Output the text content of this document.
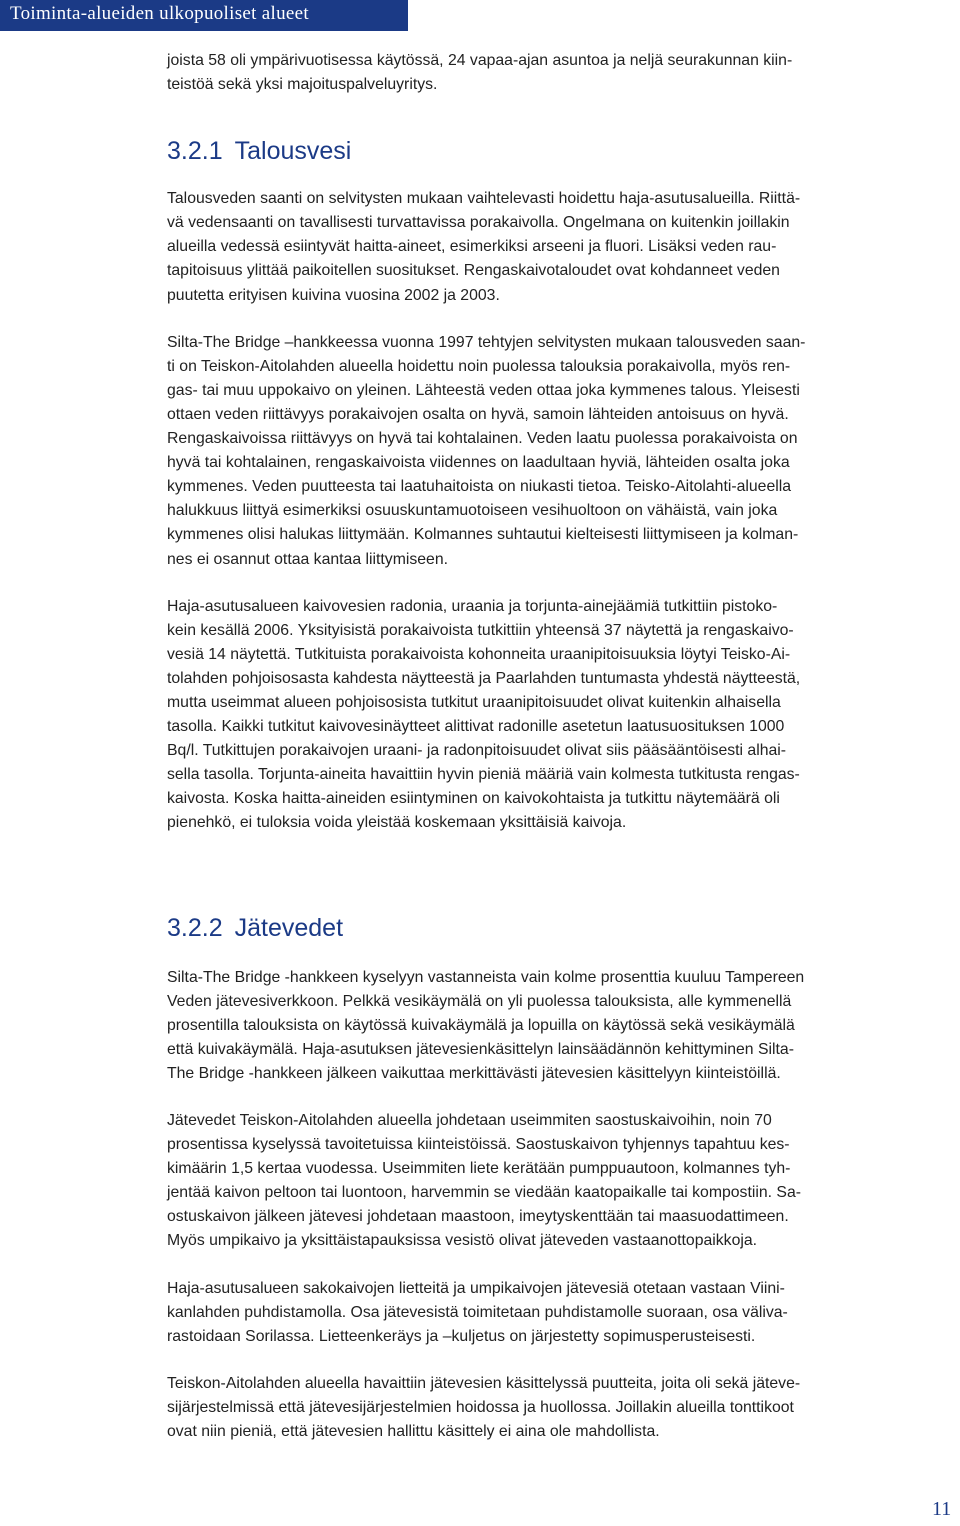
Toiminta-alueiden ulkopuoliset alueet

joista 58 oli ympärivuotisessa käytössä, 24 vapaa-ajan asuntoa ja neljä seurakunnan kiin-
teistöä sekä yksi majoituspalveluyritys.

3.2.1 Talousvesi

Talousveden saanti on selvitysten mukaan vaihtelevasti hoidettu haja-asutusalueilla. Riittä-
vä vedensaanti on tavallisesti turvattavissa porakaivolla. Ongelmana on kuitenkin joillakin
alueilla vedessä esiintyvät haitta-aineet, esimerkiksi arseeni ja fluori. Lisäksi veden rau-
tapitoisuus ylittää paikoitellen suositukset. Rengaskaivotaloudet ovat kohdanneet veden
puutetta erityisen kuivina vuosina 2002 ja 2003.

Silta-The Bridge –hankkeessa vuonna 1997 tehtyjen selvitysten mukaan talousveden saan-
ti on Teiskon-Aitolahden alueella hoidettu noin puolessa talouksia porakaivolla, myös ren-
gas- tai muu uppokaivo on yleinen. Lähteestä veden ottaa joka kymmenes talous. Yleisesti
ottaen veden riittävyys porakaivojen osalta on hyvä, samoin lähteiden antoisuus on hyvä.
Rengaskaivoissa riittävyys on hyvä tai kohtalainen. Veden laatu puolessa porakaivoista on
hyvä tai kohtalainen, rengaskaivoista viidennes on laadultaan hyviä, lähteiden osalta joka
kymmenes. Veden puutteesta tai laatuhaitoista on niukasti tietoa. Teisko-Aitolahti-alueella
halukkuus liittyä esimerkiksi osuuskuntamuotoiseen vesihuoltoon on vähäistä, vain joka
kymmenes olisi halukas liittymään. Kolmannes suhtautui kielteisesti liittymiseen ja kolman-
nes ei osannut ottaa kantaa liittymiseen.

Haja-asutusalueen kaivovesien radonia, uraania ja torjunta-ainejäämiä tutkittiin pistoko-
kein kesällä 2006. Yksityisistä porakaivoista tutkittiin yhteensä 37 näytettä ja rengaskaivo-
vesiä 14 näytettä. Tutkituista porakaivoista kohonneita uraanipitoisuuksia löytyi Teisko-Ai-
tolahden pohjoisosasta kahdesta näytteestä ja Paarlahden tuntumasta yhdestä näytteestä,
mutta useimmat alueen pohjoisosista tutkitut uraanipitoisuudet olivat kuitenkin alhaisella
tasolla. Kaikki tutkitut kaivovesinäytteet alittivat radonille asetetun laatusuosituksen 1000
Bq/l. Tutkittujen porakaivojen uraani- ja radonpitoisuudet olivat siis pääsääntöisesti alhai-
sella tasolla. Torjunta-aineita havaittiin hyvin pieniä määriä vain kolmesta tutkitusta rengas-
kaivosta. Koska haitta-aineiden esiintyminen on kaivokohtaista ja tutkittu näytemäärä oli
pienehkö, ei tuloksia voida yleistää koskemaan yksittäisiä kaivoja.

3.2.2 Jätevedet

Silta-The Bridge -hankkeen kyselyyn vastanneista vain kolme prosenttia kuuluu Tampereen
Veden jätevesiverkkoon. Pelkkä vesikäymälä on yli puolessa talouksista, alle kymmenellä
prosentilla talouksista on käytössä kuivakäymälä ja lopuilla on käytössä sekä vesikäymälä
että kuivakäymälä. Haja-asutuksen jätevesienkäsittelyn lainsäädännön kehittyminen Silta-
The Bridge -hankkeen jälkeen vaikuttaa merkittävästi jätevesien käsittelyyn kiinteistöillä.

Jätevedet Teiskon-Aitolahden alueella johdetaan useimmiten saostuskaivoihin, noin 70
prosentissa kyselyssä tavoitetuissa kiinteistöissä. Saostuskaivon tyhjennys tapahtuu kes-
kimäärin 1,5 kertaa vuodessa. Useimmiten liete kerätään pumppuautoon, kolmannes tyh-
jentää kaivon peltoon tai luontoon, harvemmin se viedään kaatopaikalle tai kompostiin. Sa-
ostuskaivon jälkeen jätevesi johdetaan maastoon, imeytyskenttään tai maasuodattimeen.
Myös umpikaivo ja yksittäistapauksissa vesistö olivat jäteveden vastaanottopaikkoja.

Haja-asutusalueen sakokaivojen lietteitä ja umpikaivojen jätevesiä otetaan vastaan Viini-
kanlahden puhdistamolla. Osa jätevesistä toimitetaan puhdistamolle suoraan, osa väliva-
rastoidaan Sorilassa. Lietteenkeräys ja –kuljetus on järjestetty sopimusperusteisesti.

Teiskon-Aitolahden alueella havaittiin jätevesien käsittelyssä puutteita, joita oli sekä jäteve-
sijärjestelmissä että jätevesijärjestelmien hoidossa ja huollossa. Joillakin alueilla tonttikoot
ovat niin pieniä, että jätevesien hallittu käsittely ei aina ole mahdollista.

11
